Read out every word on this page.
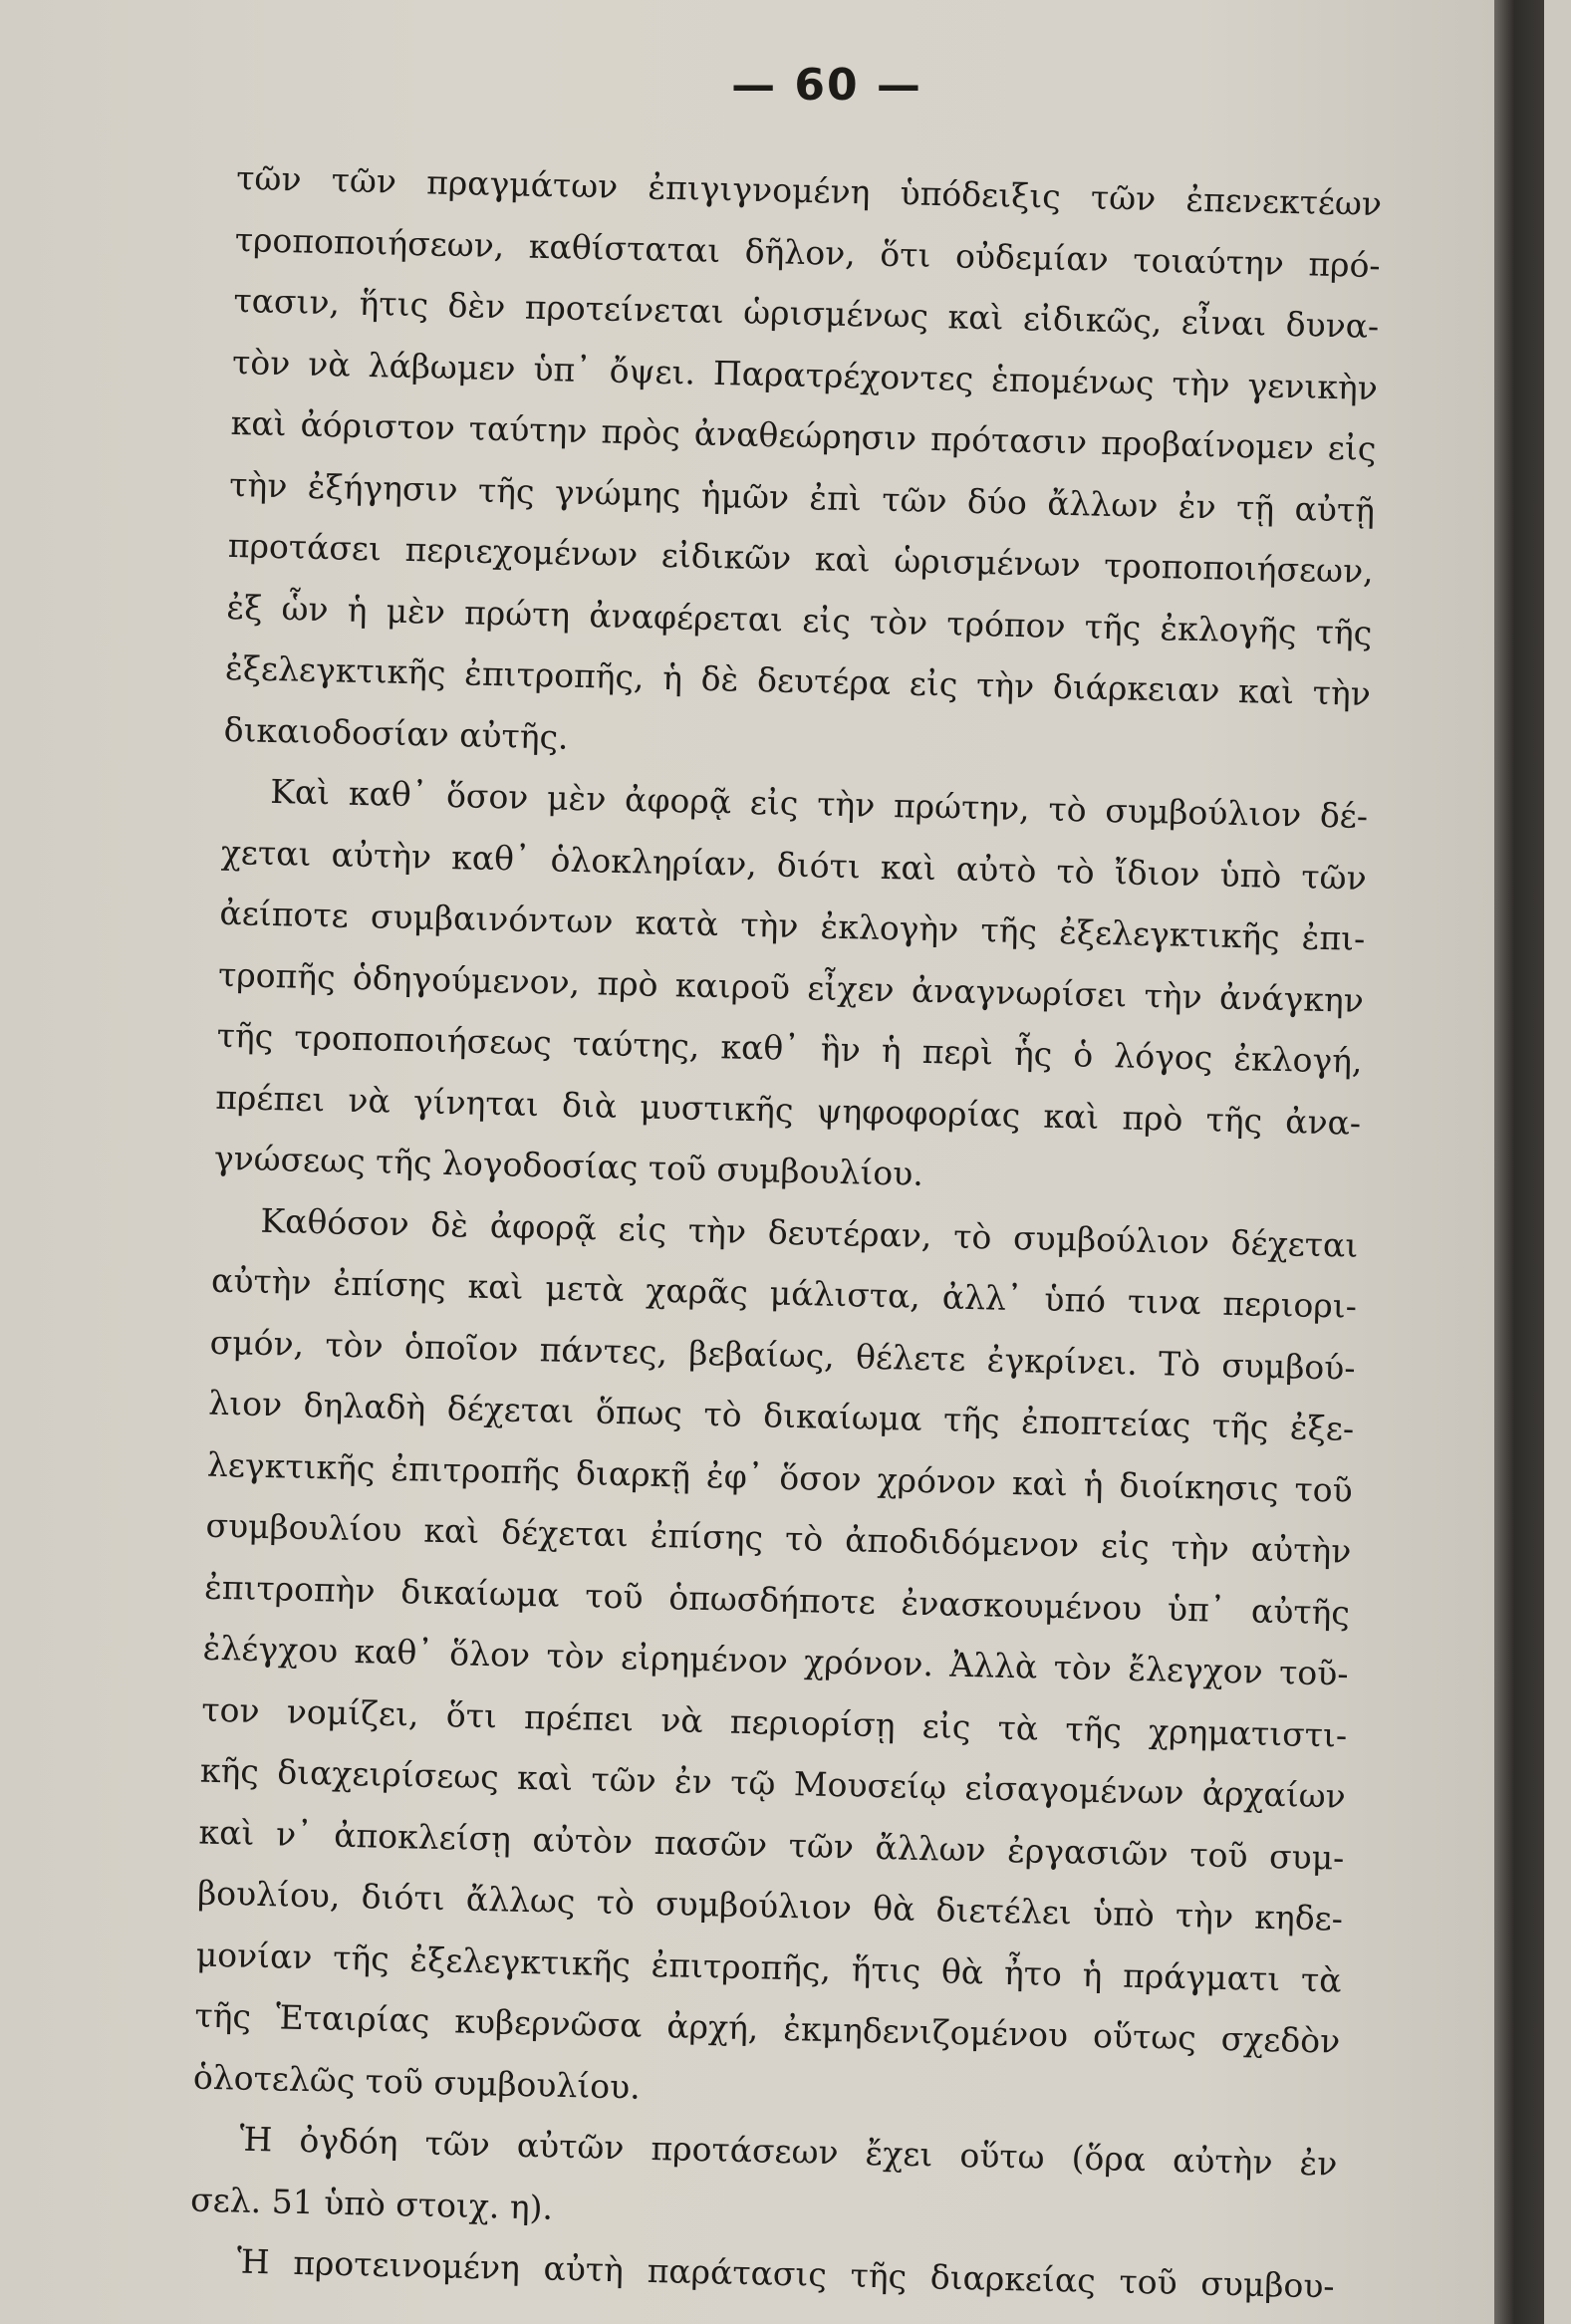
— 60 —
τῶν τῶν πραγμάτων ἐπιγιγνομένη ὑπόδειξις τῶν ἐπενεκτέων
τροποποιήσεων, καθίσταται δῆλον, ὅτι οὐδεμίαν τοιαύτην πρό-
τασιν, ἥτις δὲν προτείνεται ὡρισμένως καὶ εἰδικῶς, εἶναι δυνα-
τὸν νὰ λάβωμεν ὑπ᾿ ὄψει. Παρατρέχοντες ἑπομένως τὴν γενικὴν
καὶ ἀόριστον ταύτην πρὸς ἀναθεώρησιν πρότασιν προβαίνομεν εἰς
τὴν ἐξήγησιν τῆς γνώμης ἡμῶν ἐπὶ τῶν δύο ἄλλων ἐν τῇ αὐτῇ
προτάσει περιεχομένων εἰδικῶν καὶ ὡρισμένων τροποποιήσεων,
ἐξ ὧν ἡ μὲν πρώτη ἀναφέρεται εἰς τὸν τρόπον τῆς ἐκλογῆς τῆς
ἐξελεγκτικῆς ἐπιτροπῆς, ἡ δὲ δευτέρα εἰς τὴν διάρκειαν καὶ τὴν
δικαιοδοσίαν αὐτῆς.
Καὶ καθ᾿ ὅσον μὲν ἀφορᾷ εἰς τὴν πρώτην, τὸ συμβούλιον δέ-
χεται αὐτὴν καθ᾿ ὁλοκληρίαν, διότι καὶ αὐτὸ τὸ ἴδιον ὑπὸ τῶν
ἀείποτε συμβαινόντων κατὰ τὴν ἐκλογὴν τῆς ἐξελεγκτικῆς ἐπι-
τροπῆς ὁδηγούμενον, πρὸ καιροῦ εἶχεν ἀναγνωρίσει τὴν ἀνάγκην
τῆς τροποποιήσεως ταύτης, καθ᾿ ἣν ἡ περὶ ἧς ὁ λόγος ἐκλογή,
πρέπει νὰ γίνηται διὰ μυστικῆς ψηφοφορίας καὶ πρὸ τῆς ἀνα-
γνώσεως τῆς λογοδοσίας τοῦ συμβουλίου.
Καθόσον δὲ ἀφορᾷ εἰς τὴν δευτέραν, τὸ συμβούλιον δέχεται
αὐτὴν ἐπίσης καὶ μετὰ χαρᾶς μάλιστα, ἀλλ᾿ ὑπό τινα περιορι-
σμόν, τὸν ὁποῖον πάντες, βεβαίως, θέλετε ἐγκρίνει. Τὸ συμβού-
λιον δηλαδὴ δέχεται ὅπως τὸ δικαίωμα τῆς ἐποπτείας τῆς ἐξε-
λεγκτικῆς ἐπιτροπῆς διαρκῇ ἐφ᾿ ὅσον χρόνον καὶ ἡ διοίκησις τοῦ
συμβουλίου καὶ δέχεται ἐπίσης τὸ ἀποδιδόμενον εἰς τὴν αὐτὴν
ἐπιτροπὴν δικαίωμα τοῦ ὁπωσδήποτε ἐνασκουμένου ὑπ᾿ αὐτῆς
ἐλέγχου καθ᾿ ὅλον τὸν εἰρημένον χρόνον. Ἀλλὰ τὸν ἔλεγχον τοῦ-
τον νομίζει, ὅτι πρέπει νὰ περιορίσῃ εἰς τὰ τῆς χρηματιστι-
κῆς διαχειρίσεως καὶ τῶν ἐν τῷ Μουσείῳ εἰσαγομένων ἀρχαίων
καὶ ν᾿ ἀποκλείσῃ αὐτὸν πασῶν τῶν ἄλλων ἐργασιῶν τοῦ συμ-
βουλίου, διότι ἄλλως τὸ συμβούλιον θὰ διετέλει ὑπὸ τὴν κηδε-
μονίαν τῆς ἐξελεγκτικῆς ἐπιτροπῆς, ἥτις θὰ ἦτο ἡ πράγματι τὰ
τῆς Ἑταιρίας κυβερνῶσα ἀρχή, ἐκμηδενιζομένου οὕτως σχεδὸν
ὁλοτελῶς τοῦ συμβουλίου.
Ἡ ὀγδόη τῶν αὐτῶν προτάσεων ἔχει οὕτω (ὅρα αὐτὴν ἐν
σελ. 51 ὑπὸ στοιχ. η).
Ἡ προτεινομένη αὐτὴ παράτασις τῆς διαρκείας τοῦ συμβου-
